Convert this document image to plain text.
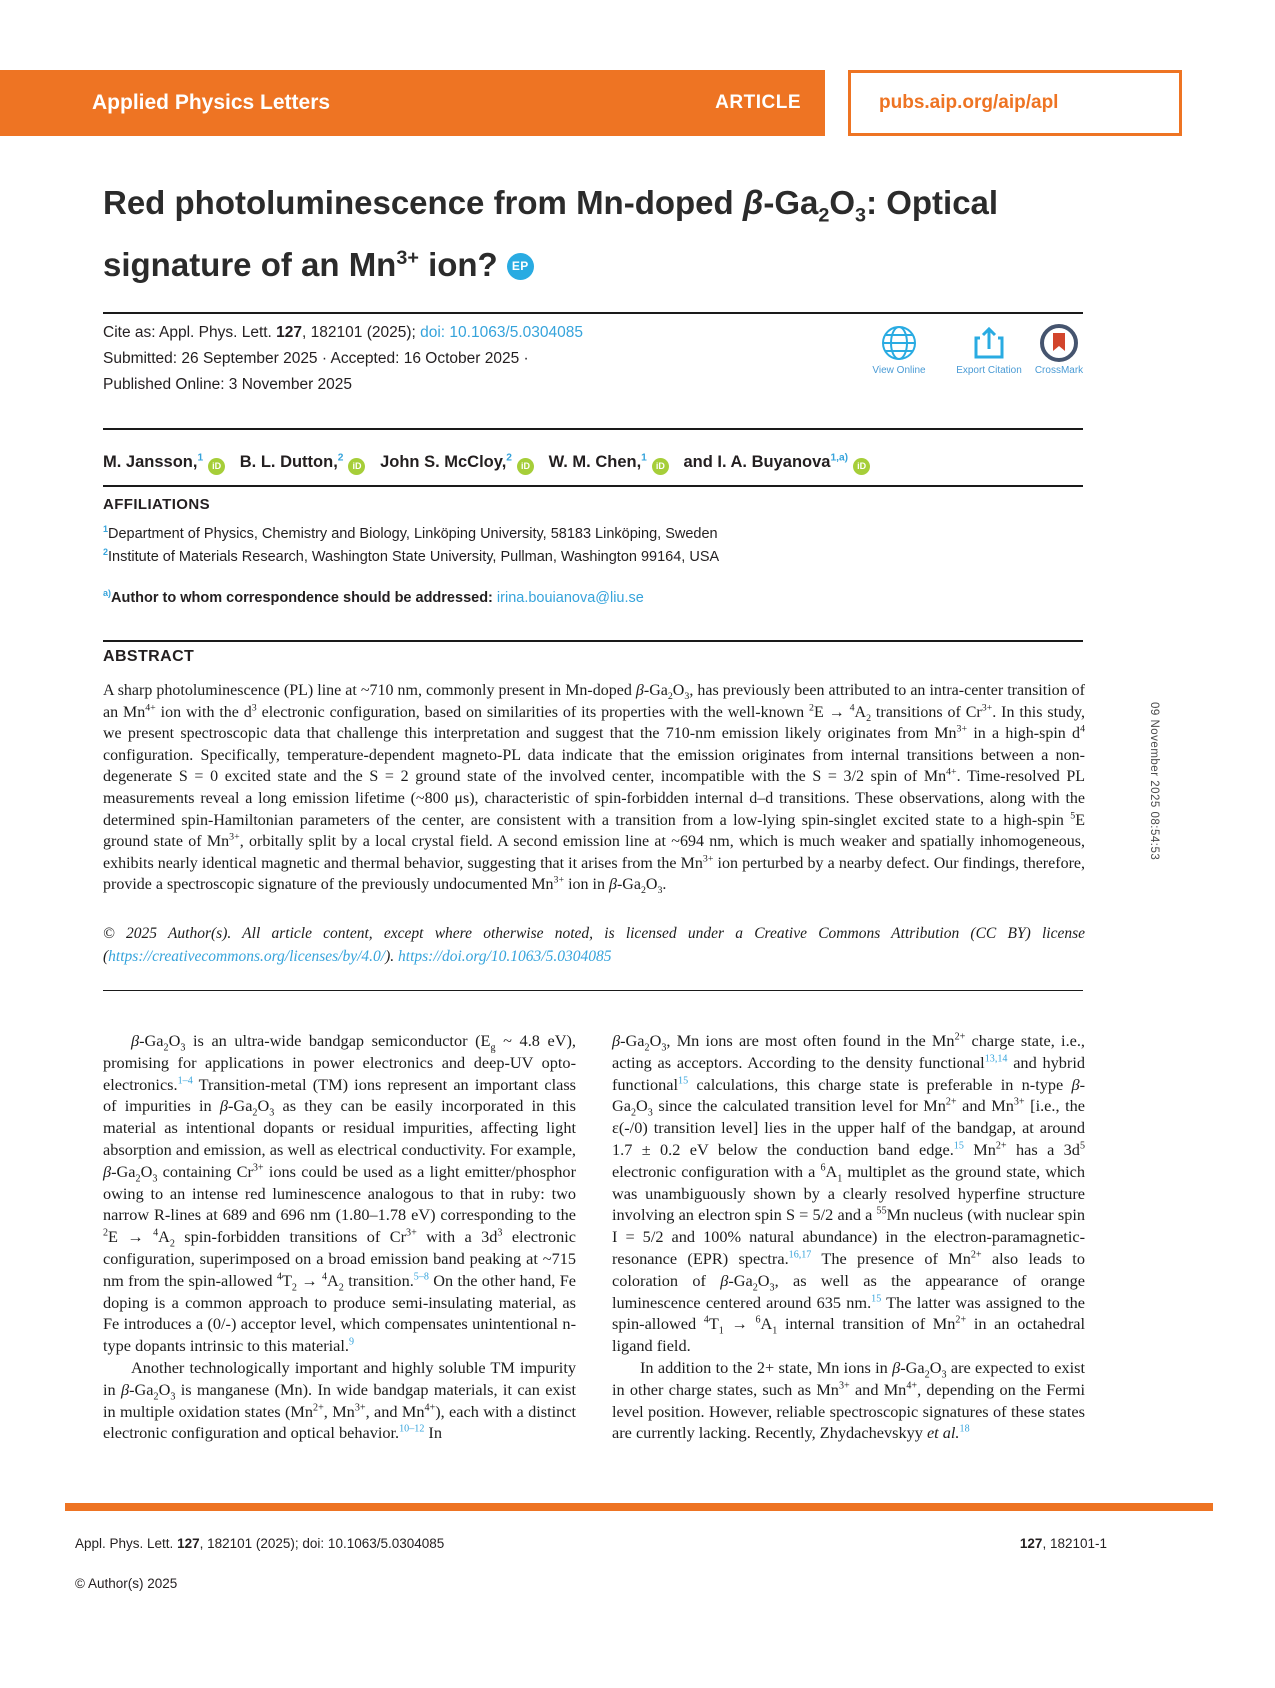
Applied Physics Letters	ARTICLE	pubs.aip.org/aip/apl
Red photoluminescence from Mn-doped $\beta-Ga_2O_3$: Optical signature of an $Mn^{3+}$ ion? EP
Cite as: Appl. Phys. Lett. 127, 182101 (2025); doi: 10.1063/5.0304085
Submitted: 26 September 2025 · Accepted: 16 October 2025 ·
Published Online: 3 November 2025
View Online	Export Citation	CrossMark
M. Jansson,$^1$ iD B. L. Dutton,$^2$ iD John S. McCloy,$^2$ iD W. M. Chen,$^1$ iD and I. A. Buyanova$^{1,a)}$iD
AFFILIATIONS
$^1$Department of Physics, Chemistry and Biology, Linköping University, 58183 Linköping, Sweden
$^2$Institute of Materials Research, Washington State University, Pullman, Washington 99164, USA
$^{a)}$Author to whom correspondence should be addressed: irina.bouianova@liu.se
ABSTRACT
A sharp photoluminescence (PL) line at ~710 nm, commonly present in Mn-doped $\beta-Ga_2O_3$, has previously been attributed to an intra-center transition of an $Mn^{4+}$ ion with the $d^3$ electronic configuration, based on similarities of its properties with the well-known $^2E \to ^4A_2$ transitions of $Cr^{3+}$. In this study, we present spectroscopic data that challenge this interpretation and suggest that the 710-nm emission likely originates from $Mn^{3+}$ in a high-spin $d^4$ configuration. Specifically, temperature-dependent magneto-PL data indicate that the emission originates from internal transitions between a non-degenerate S = 0 excited state and the S = 2 ground state of the involved center, incompatible with the S = 3/2 spin of $Mn^{4+}$. Time-resolved PL measurements reveal a long emission lifetime (~800 μs), characteristic of spin-forbidden internal d–d transitions. These observations, along with the determined spin-Hamiltonian parameters of the center, are consistent with a transition from a low-lying spin-singlet excited state to a high-spin $^5$E ground state of $Mn^{3+}$, orbitally split by a local crystal field. A second emission line at ~694 nm, which is much weaker and spatially inhomogeneous, exhibits nearly identical magnetic and thermal behavior, suggesting that it arises from the $Mn^{3+}$ ion perturbed by a nearby defect. Our findings, therefore, provide a spectroscopic signature of the previously undocumented $Mn^{3+}$ ion in $\beta-Ga_2O_3$.
© 2025 Author(s). All article content, except where otherwise noted, is licensed under a Creative Commons Attribution (CC BY) license (https://creativecommons.org/licenses/by/4.0/). https://doi.org/10.1063/5.0304085

$\beta-Ga_2O_3$ is an ultra-wide bandgap semiconductor ($E_g$ ~ 4.8 eV), promising for applications in power electronics and deep-UV opto-electronics.$^{1-4}$ Transition-metal (TM) ions represent an important class of impurities in $\beta-Ga_2O_3$ as they can be easily incorporated in this material as intentional dopants or residual impurities, affecting light absorption and emission, as well as electrical conductivity. For example, $\beta-Ga_2O_3$ containing $Cr^{3+}$ ions could be used as a light emitter/phosphor owing to an intense red luminescence analogous to that in ruby: two narrow R-lines at 689 and 696 nm (1.80–1.78 eV) corresponding to the $^2E \to ^4A_2$ spin-forbidden transitions of $Cr^{3+}$ with a $3d^3$ electronic configuration, superimposed on a broad emission band peaking at ~715 nm from the spin-allowed $^4T_2 \to ^4A_2$ transition.$^{5-8}$ On the other hand, Fe doping is a common approach to produce semi-insulating material, as Fe introduces a (0/-) acceptor level, which compensates unintentional n-type dopants intrinsic to this material.$^9$

Another technologically important and highly soluble TM impurity in $\beta-Ga_2O_3$ is manganese (Mn). In wide bandgap materials, it can exist in multiple oxidation states ($Mn^{2+}$, $Mn^{3+}$, and $Mn^{4+}$), each with a distinct electronic configuration and optical behavior.$^{10-12}$ In

$\beta-Ga_2O_3$, Mn ions are most often found in the $Mn^{2+}$ charge state, i.e., acting as acceptors. According to the density functional$^{13,14}$ and hybrid functional$^{15}$ calculations, this charge state is preferable in n-type $\beta-Ga_2O_3$ since the calculated transition level for $Mn^{2+}$ and $Mn^{3+}$ [i.e., the ε(-/0) transition level] lies in the upper half of the bandgap, at around 1.7 ± 0.2 eV below the conduction band edge.$^{15}$ $Mn^{2+}$ has a $3d^5$ electronic configuration with a $^6A_1$ multiplet as the ground state, which was unambiguously shown by a clearly resolved hyperfine structure involving an electron spin S = 5/2 and a $^{55}$Mn nucleus (with nuclear spin I = 5/2 and 100% natural abundance) in the electron-paramagnetic-resonance (EPR) spectra.$^{16,17}$ The presence of $Mn^{2+}$ also leads to coloration of $\beta-Ga_2O_3$, as well as the appearance of orange luminescence centered around 635 nm.$^{15}$ The latter was assigned to the spin-allowed $^4T_1 \to ^6A_1$ internal transition of $Mn^{2+}$ in an octahedral ligand field.

In addition to the 2+ state, Mn ions in $\beta-Ga_2O_3$ are expected to exist in other charge states, such as $Mn^{3+}$ and $Mn^{4+}$, depending on the Fermi level position. However, reliable spectroscopic signatures of these states are currently lacking. Recently, Zhydachevskyy et al.$^{18}$

09 November 2025 08:54:53
Appl. Phys. Lett. 127, 182101 (2025); doi: 10.1063/5.0304085	127, 182101-1
© Author(s) 2025
